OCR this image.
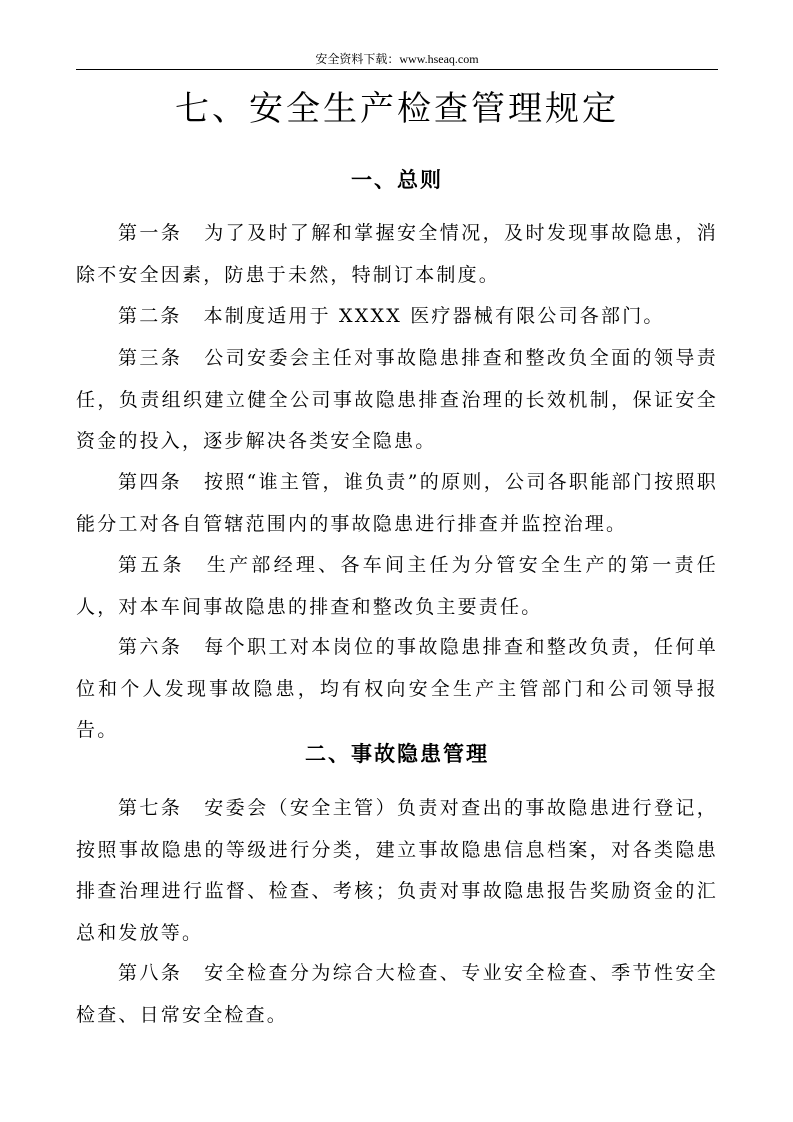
安全资料下载：www.hseaq.com
七、安全生产检查管理规定
一、总则

第一条 为了及时了解和掌握安全情况，及时发现事故隐患，消除不安全因素，防患于未然，特制订本制度。

第二条 本制度适用于 XXXX 医疗器械有限公司各部门。

第三条 公司安委会主任对事故隐患排查和整改负全面的领导责任，负责组织建立健全公司事故隐患排查治理的长效机制，保证安全资金的投入，逐步解决各类安全隐患。

第四条 按照“谁主管，谁负责”的原则，公司各职能部门按照职能分工对各自管辖范围内的事故隐患进行排查并监控治理。

第五条 生产部经理、各车间主任为分管安全生产的第一责任人，对本车间事故隐患的排查和整改负主要责任。

第六条 每个职工对本岗位的事故隐患排查和整改负责，任何单位和个人发现事故隐患，均有权向安全生产主管部门和公司领导报告。

二、事故隐患管理

第七条 安委会（安全主管）负责对查出的事故隐患进行登记，按照事故隐患的等级进行分类，建立事故隐患信息档案，对各类隐患排查治理进行监督、检查、考核；负责对事故隐患报告奖励资金的汇总和发放等。

第八条 安全检查分为综合大检查、专业安全检查、季节性安全检查、日常安全检查。
